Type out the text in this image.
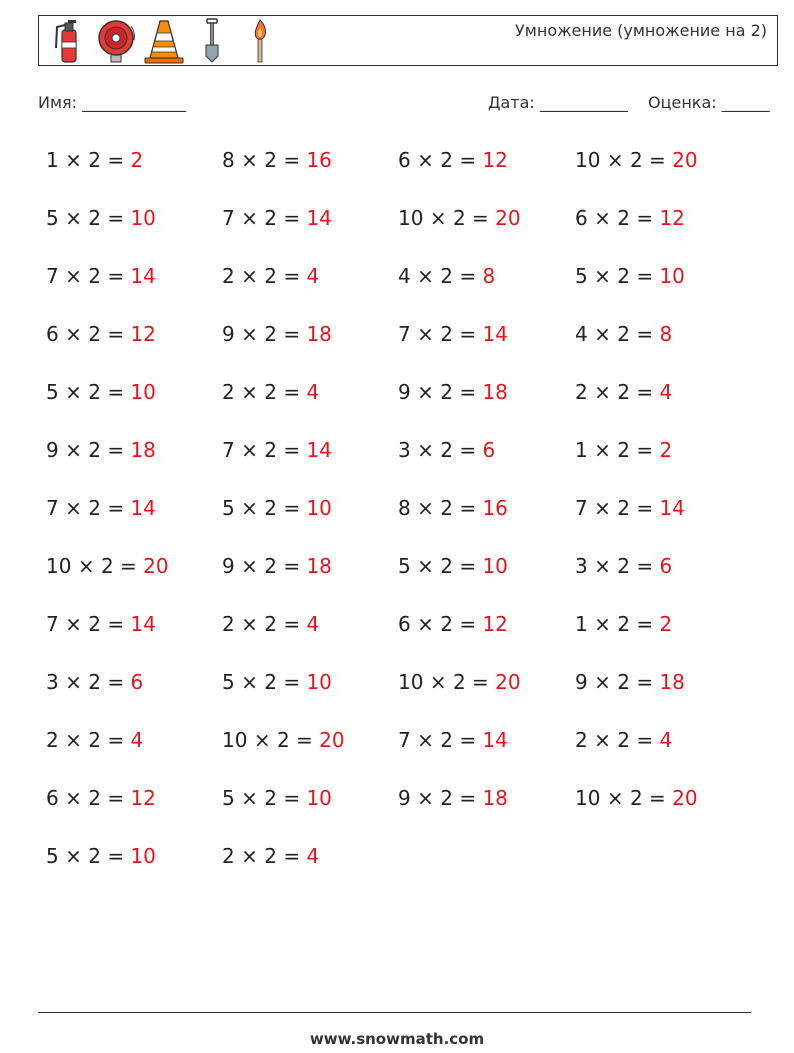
Умножение (умножение на 2)
Имя: _____________	Дата: ___________ Оценка: ______
1 × 2 = 2
5 × 2 = 10
7 × 2 = 14
6 × 2 = 12
5 × 2 = 10
9 × 2 = 18
7 × 2 = 14
10 × 2 = 20
7 × 2 = 14
3 × 2 = 6
2 × 2 = 4
6 × 2 = 12
5 × 2 = 10
8 × 2 = 16
7 × 2 = 14
2 × 2 = 4
9 × 2 = 18
2 × 2 = 4
7 × 2 = 14
5 × 2 = 10
9 × 2 = 18
2 × 2 = 4
5 × 2 = 10
10 × 2 = 20
5 × 2 = 10
2 × 2 = 4
6 × 2 = 12
10 × 2 = 20
4 × 2 = 8
7 × 2 = 14
9 × 2 = 18
3 × 2 = 6
8 × 2 = 16
5 × 2 = 10
6 × 2 = 12
10 × 2 = 20
7 × 2 = 14
9 × 2 = 18
10 × 2 = 20
6 × 2 = 12
5 × 2 = 10
4 × 2 = 8
2 × 2 = 4
1 × 2 = 2
7 × 2 = 14
3 × 2 = 6
1 × 2 = 2
9 × 2 = 18
2 × 2 = 4
10 × 2 = 20
www.snowmath.com
